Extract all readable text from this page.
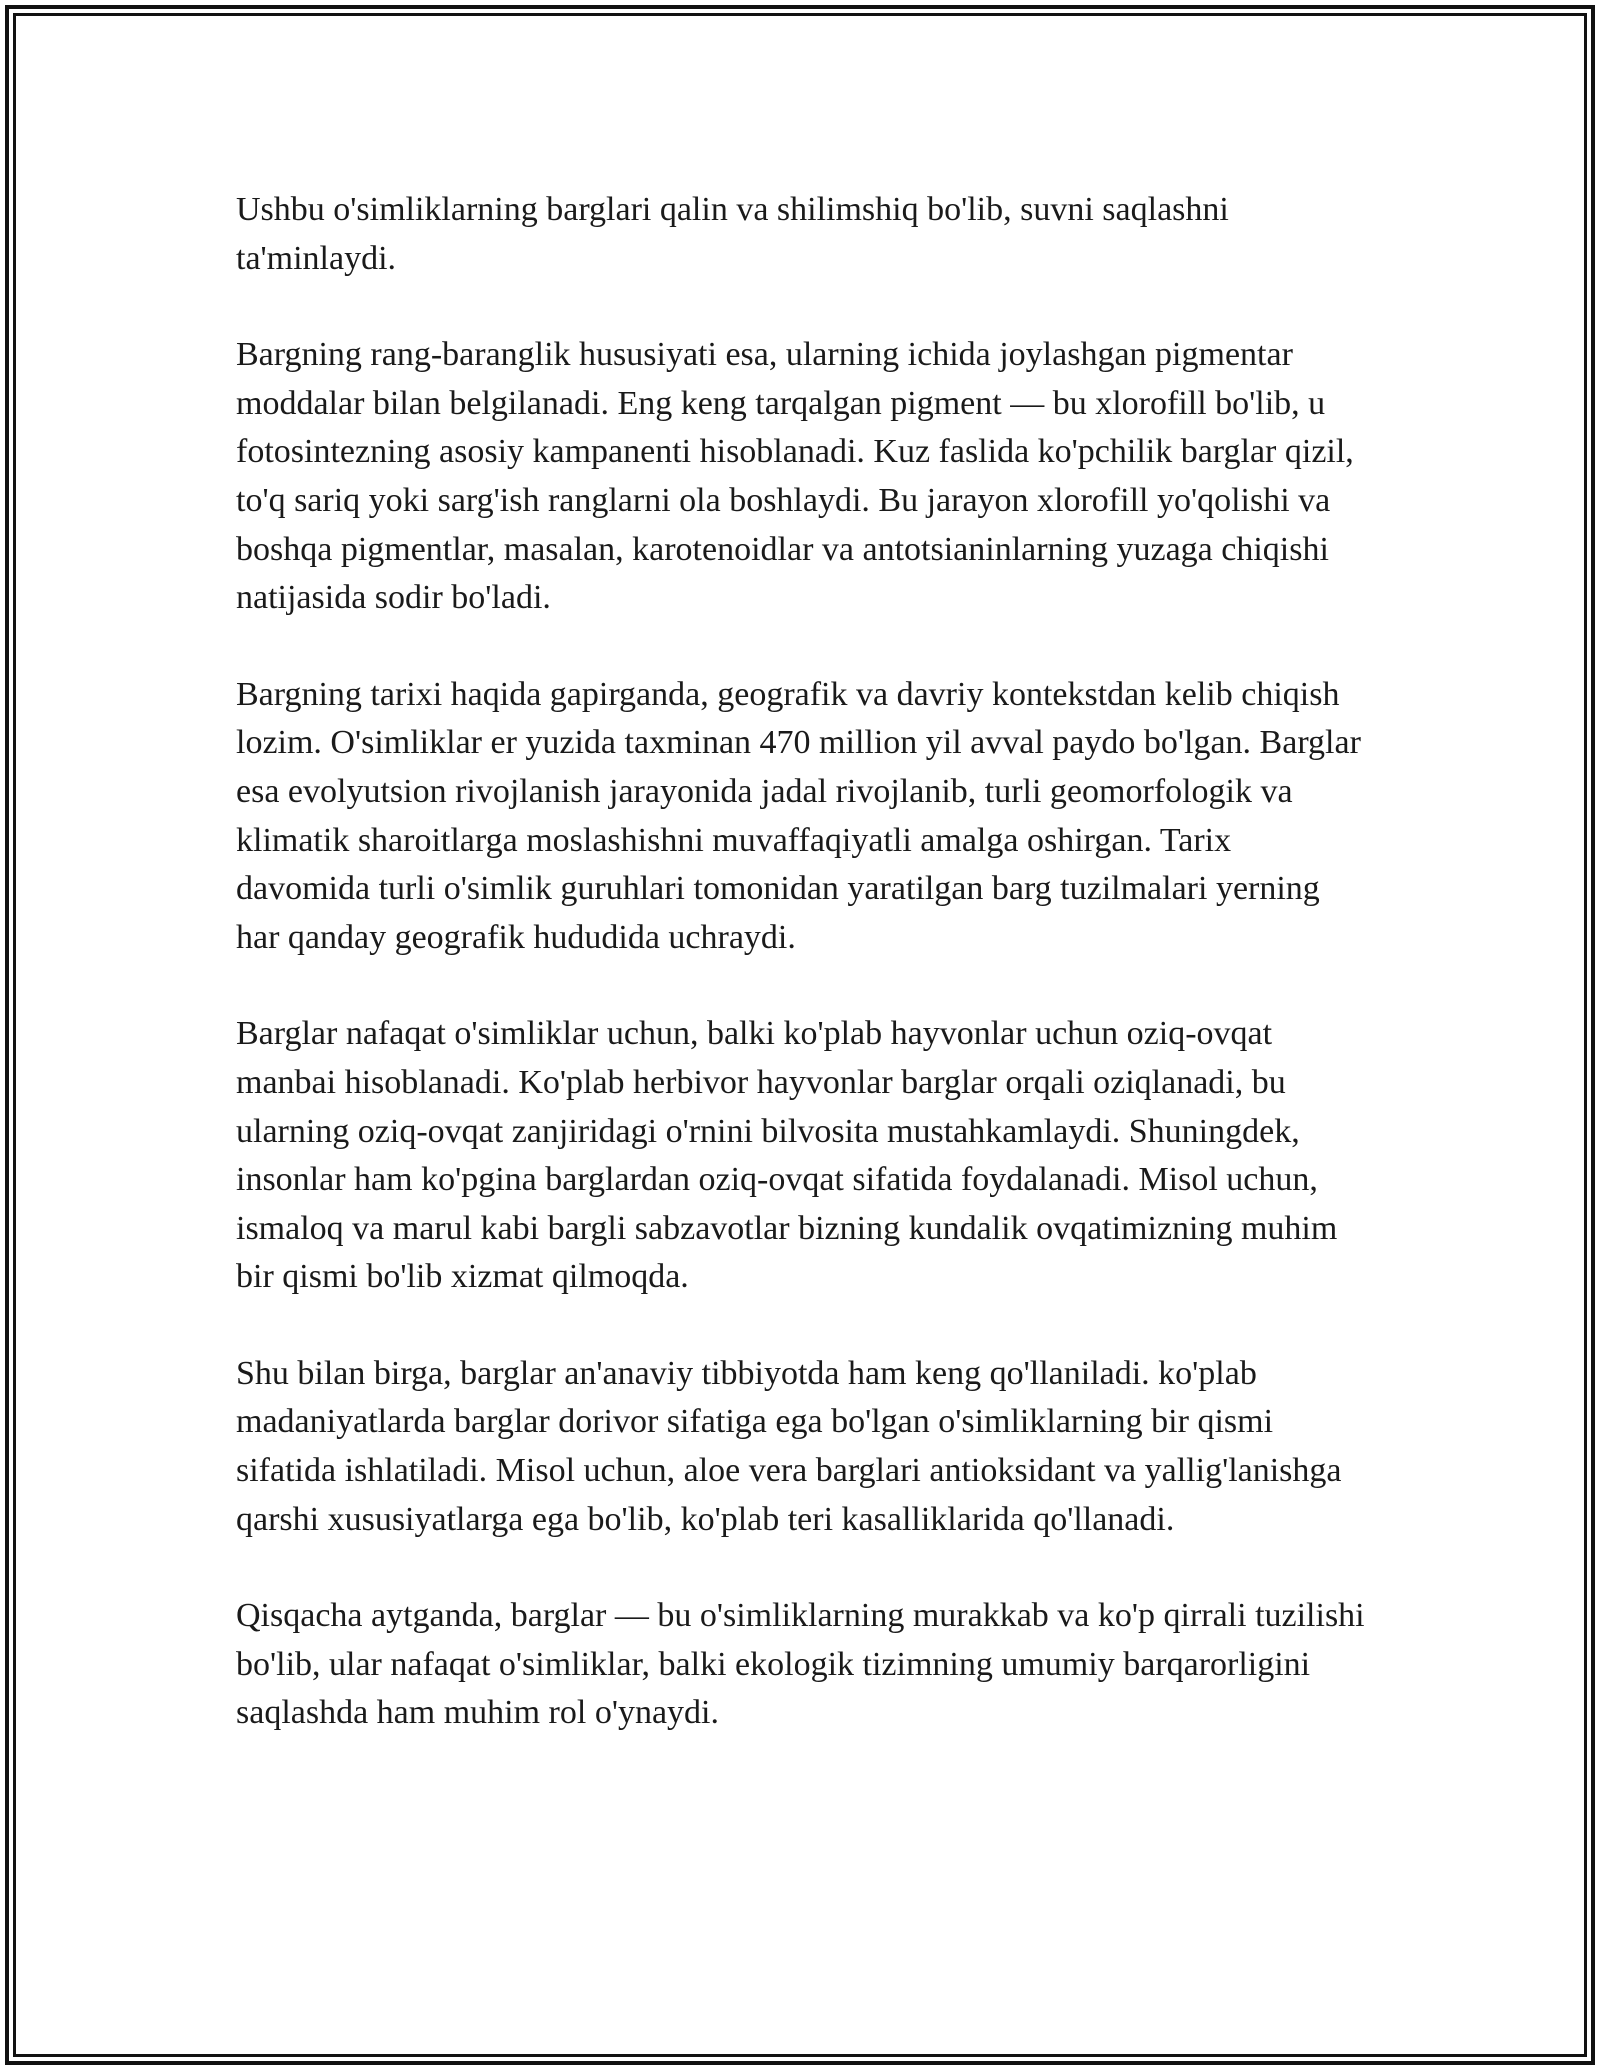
Ushbu o'simliklarning barglari qalin va shilimshiq bo'lib, suvni saqlashni ta'minlaydi.

Bargning rang-baranglik hususiyati esa, ularning ichida joylashgan pigmentar moddalar bilan belgilanadi. Eng keng tarqalgan pigment — bu xlorofill bo'lib, u fotosintezning asosiy kampanenti hisoblanadi. Kuz faslida ko'pchilik barglar qizil, to'q sariq yoki sarg'ish ranglarni ola boshlaydi. Bu jarayon xlorofill yo'qolishi va boshqa pigmentlar, masalan, karotenoidlar va antotsianinlarning yuzaga chiqishi natijasida sodir bo'ladi.

Bargning tarixi haqida gapirganda, geografik va davriy kontekstdan kelib chiqish lozim. O'simliklar er yuzida taxminan 470 million yil avval paydo bo'lgan. Barglar esa evolyutsion rivojlanish jarayonida jadal rivojlanib, turli geomorfologik va klimatik sharoitlarga moslashishni muvaffaqiyatli amalga oshirgan. Tarix davomida turli o'simlik guruhlari tomonidan yaratilgan barg tuzilmalari yerning har qanday geografik hududida uchraydi.

Barglar nafaqat o'simliklar uchun, balki ko'plab hayvonlar uchun oziq-ovqat manbai hisoblanadi. Ko'plab herbivor hayvonlar barglar orqali oziqlanadi, bu ularning oziq-ovqat zanjiridagi o'rnini bilvosita mustahkamlaydi. Shuningdek, insonlar ham ko'pgina barglardan oziq-ovqat sifatida foydalanadi. Misol uchun, ismaloq va marul kabi bargli sabzavotlar bizning kundalik ovqatimizning muhim bir qismi bo'lib xizmat qilmoqda.

Shu bilan birga, barglar an'anaviy tibbiyotda ham keng qo'llaniladi. ko'plab madaniyatlarda barglar dorivor sifatiga ega bo'lgan o'simliklarning bir qismi sifatida ishlatiladi. Misol uchun, aloe vera barglari antioksidant va yallig'lanishga qarshi xususiyatlarga ega bo'lib, ko'plab teri kasalliklarida qo'llanadi.

Qisqacha aytganda, barglar — bu o'simliklarning murakkab va ko'p qirrali tuzilishi bo'lib, ular nafaqat o'simliklar, balki ekologik tizimning umumiy barqarorligini saqlashda ham muhim rol o'ynaydi.
